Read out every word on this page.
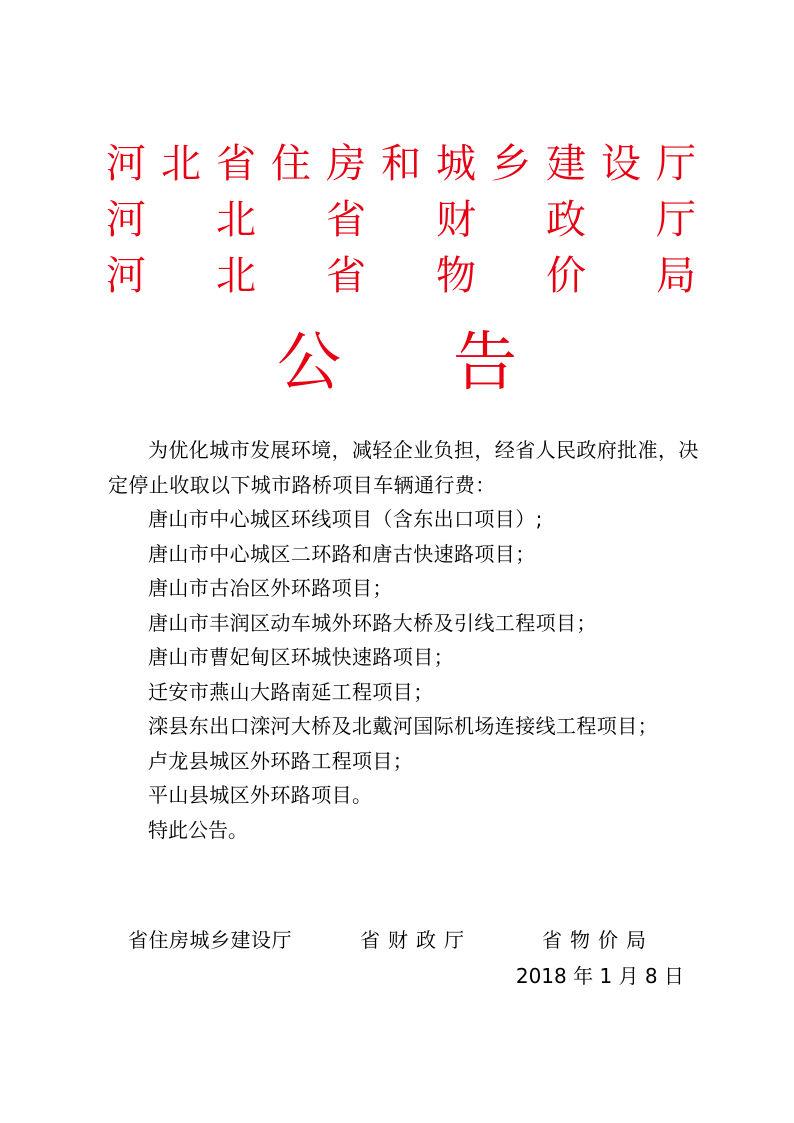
河 北 省 住 房 和 城 乡 建 设 厅
河 北 省 财 政 厅
河 北 省 物 价 局
公 告

为优化城市发展环境，减轻企业负担，经省人民政府批准，决定停止收取以下城市路桥项目车辆通行费：

唐山市中心城区环线项目（含东出口项目）;
唐山市中心城区二环路和唐古快速路项目；
唐山市古冶区外环路项目；
唐山市丰润区动车城外环路大桥及引线工程项目；
唐山市曹妃甸区环城快速路项目；
迁安市燕山大路南延工程项目；
滦县东出口滦河大桥及北戴河国际机场连接线工程项目；
卢龙县城区外环路工程项目；
平山县城区外环路项目。
特此公告。
省住房城乡建设厅	省财政厅	省物价局
2018 年 1 月 8 日
